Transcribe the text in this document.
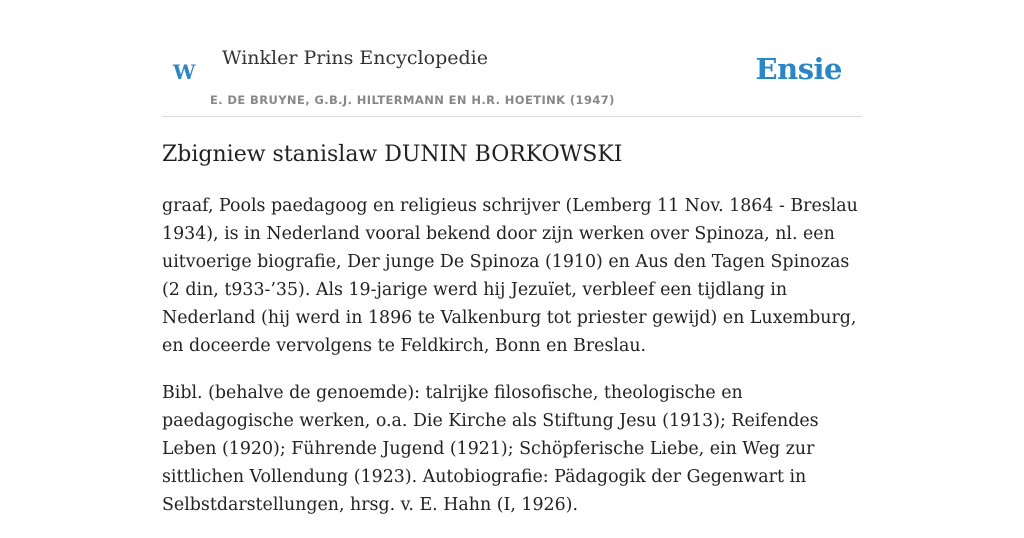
w Winkler Prins Encyclopedie
E. DE BRUYNE, G.B.J. HILTERMANN EN H.R. HOETINK (1947)
Ensie
Zbigniew stanislaw DUNIN BORKOWSKI

graaf, Pools paedagoog en religieus schrijver (Lemberg 11 Nov. 1864 - Breslau 1934), is in Nederland vooral bekend door zijn werken over Spinoza, nl. een uitvoerige biografie, Der junge De Spinoza (1910) en Aus den Tagen Spinozas (2 din, t933-’35). Als 19-jarige werd hij Jezuïet, verbleef een tijdlang in Nederland (hij werd in 1896 te Valkenburg tot priester gewijd) en Luxemburg, en doceerde vervolgens te Feldkirch, Bonn en Breslau.

Bibl. (behalve de genoemde): talrijke filosofische, theologische en paedagogische werken, o.a. Die Kirche als Stiftung Jesu (1913); Reifendes Leben (1920); Führende Jugend (1921); Schöpferische Liebe, ein Weg zur sittlichen Vollendung (1923). Autobiografie: Pädagogik der Gegenwart in Selbstdarstellungen, hrsg. v. E. Hahn (I, 1926).
